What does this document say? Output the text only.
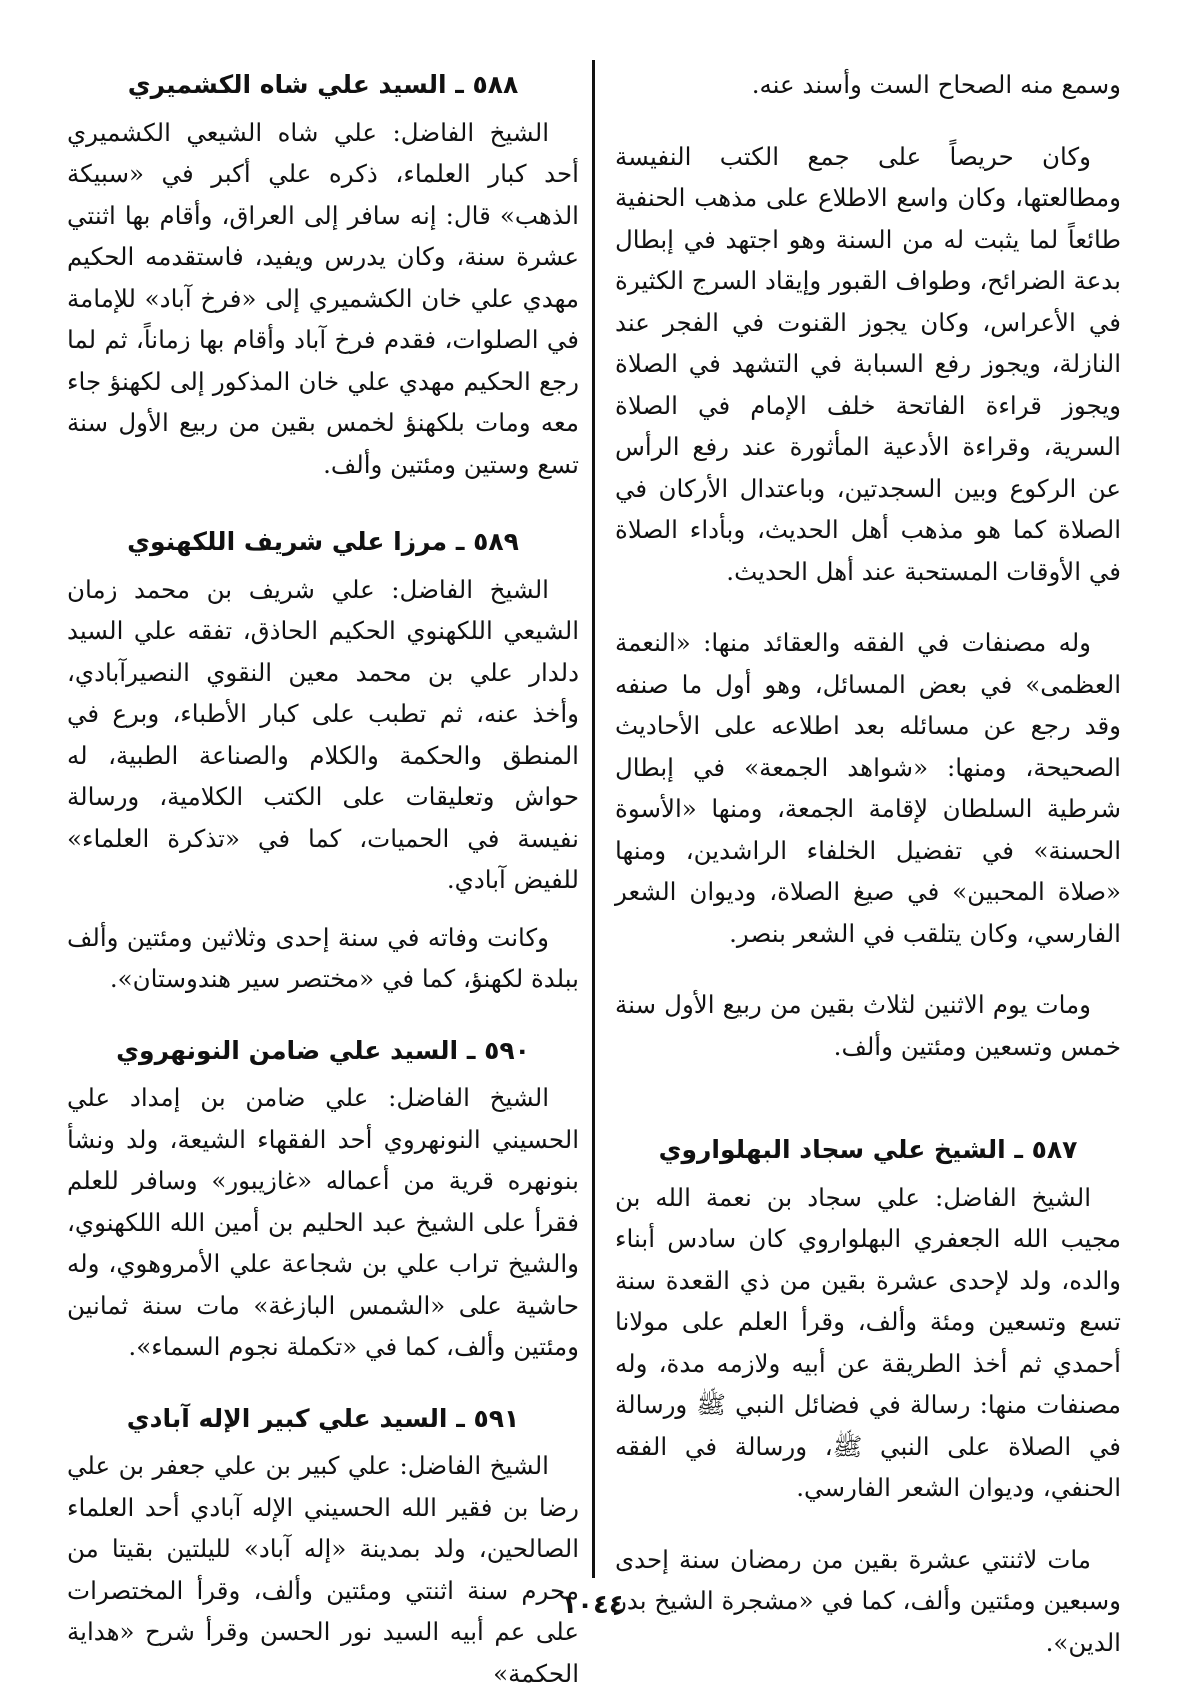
وسمع منه الصحاح الست وأسند عنه.

وكان حريصاً على جمع الكتب النفيسة ومطالعتها، وكان واسع الاطلاع على مذهب الحنفية طائعاً لما يثبت له من السنة وهو اجتهد في إبطال بدعة الضرائح، وطواف القبور وإيقاد السرج الكثيرة في الأعراس، وكان يجوز القنوت في الفجر عند النازلة، ويجوز رفع السبابة في التشهد في الصلاة ويجوز قراءة الفاتحة خلف الإمام في الصلاة السرية، وقراءة الأدعية المأثورة عند رفع الرأس عن الركوع وبين السجدتين، وباعتدال الأركان في الصلاة كما هو مذهب أهل الحديث، وبأداء الصلاة في الأوقات المستحبة عند أهل الحديث.

وله مصنفات في الفقه والعقائد منها: «النعمة العظمى» في بعض المسائل، وهو أول ما صنفه وقد رجع عن مسائله بعد اطلاعه على الأحاديث الصحيحة، ومنها: «شواهد الجمعة» في إبطال شرطية السلطان لإقامة الجمعة، ومنها «الأسوة الحسنة» في تفضيل الخلفاء الراشدين، ومنها «صلاة المحبين» في صيغ الصلاة، وديوان الشعر الفارسي، وكان يتلقب في الشعر بنصر.

ومات يوم الاثنين لثلاث بقين من ربيع الأول سنة خمس وتسعين ومئتين وألف.

٥٨٧ ـ الشيخ علي سجاد البهلواروي

الشيخ الفاضل: علي سجاد بن نعمة الله بن مجيب الله الجعفري البهلواروي كان سادس أبناء والده، ولد لإحدى عشرة بقين من ذي القعدة سنة تسع وتسعين ومئة وألف، وقرأ العلم على مولانا أحمدي ثم أخذ الطريقة عن أبيه ولازمه مدة، وله مصنفات منها: رسالة في فضائل النبي ﷺ ورسالة في الصلاة على النبي ﷺ، ورسالة في الفقه الحنفي، وديوان الشعر الفارسي.

مات لاثنتي عشرة بقين من رمضان سنة إحدى وسبعين ومئتين وألف، كما في «مشجرة الشيخ بدر الدين».

٥٨٨ ـ السيد علي شاه الكشميري

الشيخ الفاضل: علي شاه الشيعي الكشميري أحد كبار العلماء، ذكره علي أكبر في «سبيكة الذهب» قال: إنه سافر إلى العراق، وأقام بها اثنتي عشرة سنة، وكان يدرس ويفيد، فاستقدمه الحكيم مهدي علي خان الكشميري إلى «فرخ آباد» للإمامة في الصلوات، فقدم فرخ آباد وأقام بها زماناً، ثم لما رجع الحكيم مهدي علي خان المذكور إلى لكهنؤ جاء معه ومات بلكهنؤ لخمس بقين من ربيع الأول سنة تسع وستين ومئتين وألف.

٥٨٩ ـ مرزا علي شريف اللكهنوي

الشيخ الفاضل: علي شريف بن محمد زمان الشيعي اللكهنوي الحكيم الحاذق، تفقه علي السيد دلدار علي بن محمد معين النقوي النصيرآبادي، وأخذ عنه، ثم تطبب على كبار الأطباء، وبرع في المنطق والحكمة والكلام والصناعة الطبية، له حواش وتعليقات على الكتب الكلامية، ورسالة نفيسة في الحميات، كما في «تذكرة العلماء» للفيض آبادي.

وكانت وفاته في سنة إحدى وثلاثين ومئتين وألف ببلدة لكهنؤ، كما في «مختصر سير هندوستان».

٥٩٠ ـ السيد علي ضامن النونهروي

الشيخ الفاضل: علي ضامن بن إمداد علي الحسيني النونهروي أحد الفقهاء الشيعة، ولد ونشأ بنونهره قرية من أعماله «غازيبور» وسافر للعلم فقرأ على الشيخ عبد الحليم بن أمين الله اللكهنوي، والشيخ تراب علي بن شجاعة علي الأمروهوي، وله حاشية على «الشمس البازغة» مات سنة ثمانين ومئتين وألف، كما في «تكملة نجوم السماء».

٥٩١ ـ السيد علي كبير الإله آبادي

الشيخ الفاضل: علي كبير بن علي جعفر بن علي رضا بن فقير الله الحسيني الإله آبادي أحد العلماء الصالحين، ولد بمدينة «إله آباد» لليلتين بقيتا من محرم سنة اثنتي ومئتين وألف، وقرأ المختصرات على عم أبيه السيد نور الحسن وقرأ شرح «هداية الحكمة»

١٠٤٤
